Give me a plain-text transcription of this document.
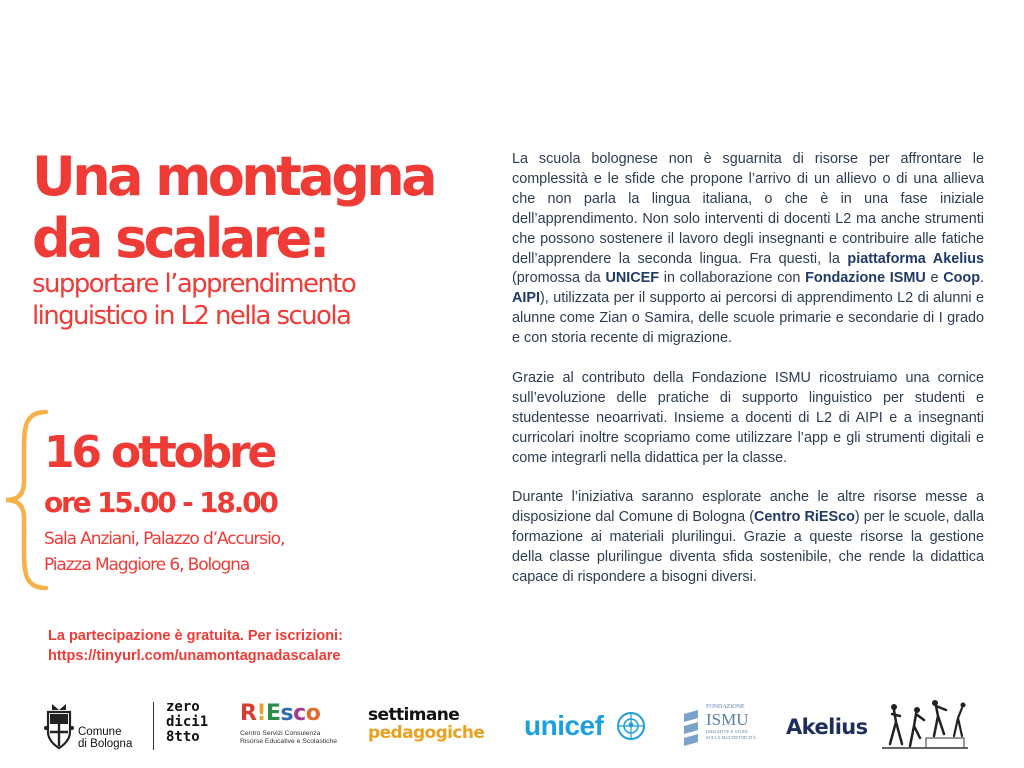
Una montagna
da scalare:
supportare l’apprendimento
linguistico in L2 nella scuola
16 ottobre
ore 15.00 - 18.00
Sala Anziani, Palazzo d’Accursio,
Piazza Maggiore 6, Bologna
La partecipazione è gratuita. Per iscrizioni:
https://tinyurl.com/unamontagnadascalare

La scuola bolognese non è sguarnita di risorse per affrontare le complessità e le sfide che propone l’arrivo di un allievo o di una allieva che non parla la lingua italiana, o che è in una fase iniziale dell’apprendimento. Non solo interventi di docenti L2 ma anche strumenti che possono sostenere il lavoro degli insegnanti e contribuire alle fatiche dell’apprendere la seconda lingua. Fra questi, la piattaforma Akelius (promossa da UNICEF in collaborazione con Fondazione ISMU e Coop. AIPI), utilizzata per il supporto ai percorsi di apprendimento L2 di alunni e alunne come Zian o Samira, delle scuole primarie e secondarie di I grado e con storia recente di migrazione.

Grazie al contributo della Fondazione ISMU ricostruiamo una cornice sull’evoluzione delle pratiche di supporto linguistico per studenti e studentesse neoarrivati. Insieme a docenti di L2 di AIPI e a insegnanti curricolari inoltre scopriamo come utilizzare l’app e gli strumenti digitali e come integrarli nella didattica per la classe.

Durante l’iniziativa saranno esplorate anche le altre risorse messe a disposizione dal Comune di Bologna (Centro RiESco) per le scuole, dalla formazione ai materiali plurilingui. Grazie a queste risorse la gestione della classe plurilingue diventa sfida sostenibile, che rende la didattica capace di rispondere a bisogni diversi.

Comune
di Bologna
zero
dici1
8tto
R!Esco
Centro Servizi Consulenza
Risorse Educative e Scolastiche
settimane
pedagogiche	unicef
FONDAZIONE
ISMU
INIZIATIVE E STUDI
SULLA MULTIETNICITÀ Akelius
